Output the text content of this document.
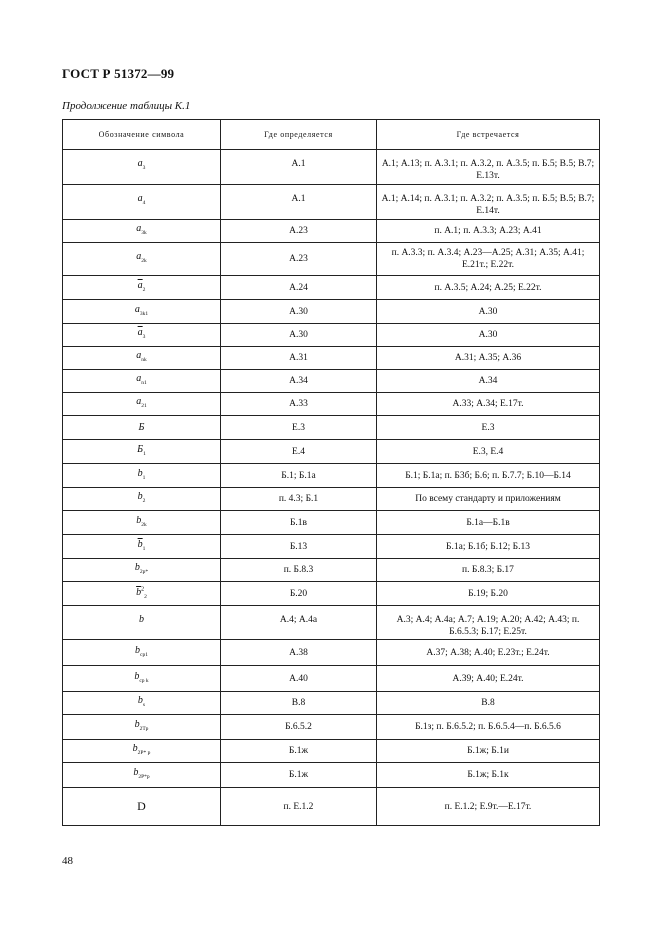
ГОСТ Р 51372—99
Продолжение таблицы К.1
Обозначение символа	Где определяется	Где встречается
$a_3$	А.1	А.1; А.13; п. А.3.1; п. А.3.2, п. А.3.5; п. Б.5; В.5; В.7; Е.13т.
$a_4$	А.1	А.1; А.14; п. А.3.1; п. А.3.2; п. А.3.5; п. Б.5; В.5; В.7; Е.14т.
$a_{3k}$	А.23	п. А.1; п. А.3.3; А.23; А.41
$a_{2k}$	А.23	п. А.3.3; п. А.3.4; А.23—А.25; А.31; А.35; А.41; Е.21т.; Е.22т.
$\overline{a}_2$	А.24	п. А.3.5; А.24; А.25; Е.22т.
$a_{3k1}$	А.30	А.30
$\overline{a}_3$	А.30	А.30
$a_{nk}$	А.31	А.31; А.35; А.36
$a_{n1}$	А.34	А.34
$a_{21}$	А.33	А.33; А.34; Е.17т.
Б	Е.3	Е.3
$Б_1$	Е.4	Е.3, Е.4
$b_1$	Б.1; Б.1а	Б.1; Б.1а; п. Б3б; Б.6; п. Б.7.7; Б.10—Б.14
$b_2$	п. 4.3; Б.1	По всему стандарту и приложениям
$b_{2k}$	Б.1в	Б.1а—Б.1в
$\overline{b}_1$	Б.13	Б.1а; Б.1б; Б.12; Б.13
$b_{2p*}$	п. Б.8.3	п. Б.8.3; Б.17
$\overline{b}^2_2$	Б.20	Б.19; Б.20
b	А.4; А.4а	А.3; А.4; А.4а; А.7; А.19; А.20; А.42; А.43; п. Б.6.5.3; Б.17; Е.25т.
$b_{ср1}$	А.38	А.37; А.38; А.40; Е.23т.; Е.24т.
$b_{ср k}$	А.40	А.39; А.40; Е.24т.
$b_s$	В.8	В.8
$b_{2Tp}$	Б.6.5.2	Б.1з; п. Б.6.5.2; п. Б.6.5.4—п. Б.6.5.6
$b_{2P* p}$	Б.1ж	Б.1ж; Б.1и
$b_{2P*p}$	Б.1ж	Б.1ж; Б.1к
D	п. Е.1.2	п. Е.1.2; Е.9т.—Е.17т.
48
